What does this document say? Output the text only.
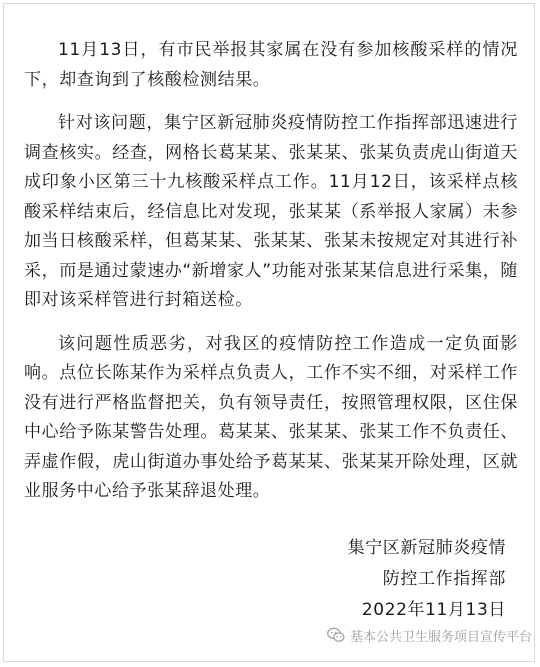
11月13日，有市民举报其家属在没有参加核酸采样的情况下，却查询到了核酸检测结果。

针对该问题，集宁区新冠肺炎疫情防控工作指挥部迅速进行调查核实。经查，网格长葛某某、张某某、张某负责虎山街道天成印象小区第三十九核酸采样点工作。11月12日，该采样点核酸采样结束后，经信息比对发现，张某某（系举报人家属）未参加当日核酸采样，但葛某某、张某某、张某未按规定对其进行补采，而是通过蒙速办“新增家人”功能对张某某信息进行采集，随即对该采样管进行封箱送检。

该问题性质恶劣，对我区的疫情防控工作造成一定负面影响。点位长陈某作为采样点负责人，工作不实不细，对采样工作没有进行严格监督把关，负有领导责任，按照管理权限，区住保中心给予陈某警告处理。葛某某、张某某、张某工作不负责任、弄虚作假，虎山街道办事处给予葛某某、张某某开除处理，区就业服务中心给予张某辞退处理。

集宁区新冠肺炎疫情
防控工作指挥部
2022年11月13日
基本公共卫生服务项目宣传平台
